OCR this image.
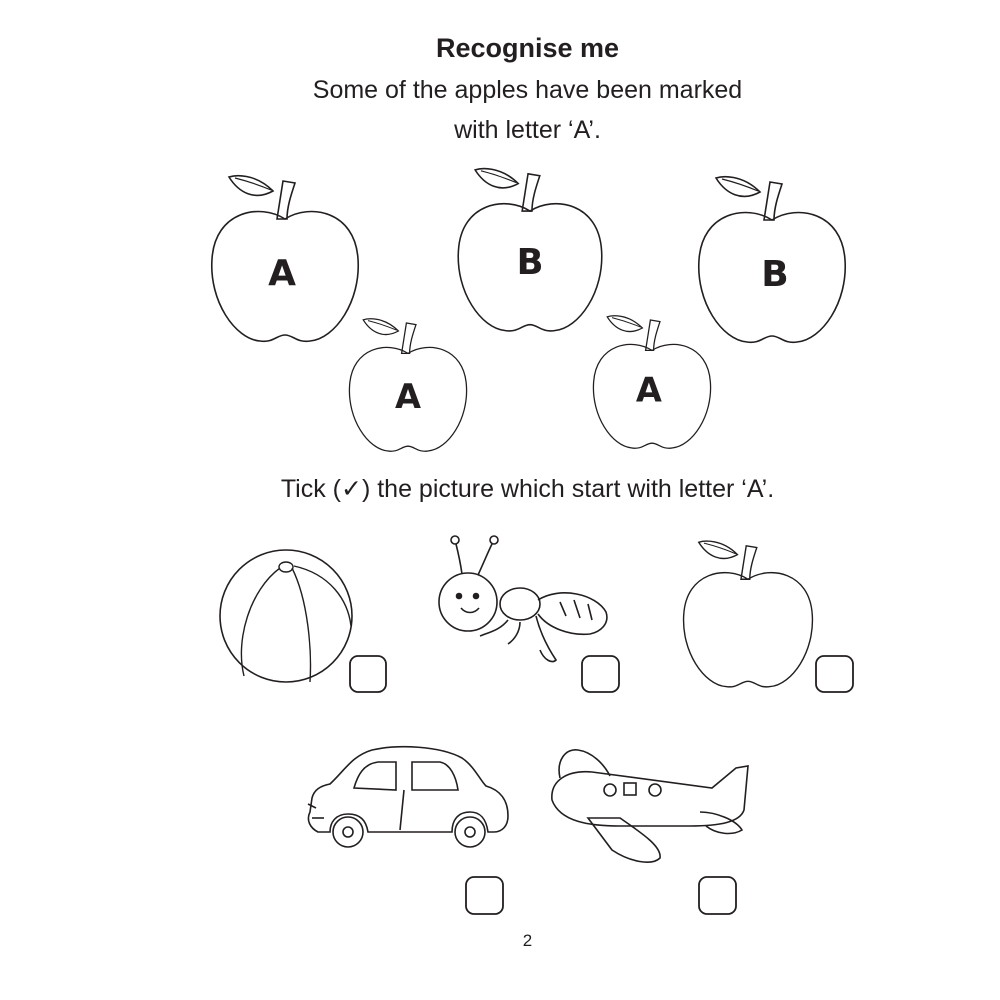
Recognise me
Some of the apples have been marked
with letter ‘A’.
A	B	B
A	A
Tick (✓) the picture which start with letter ‘A’.
2
